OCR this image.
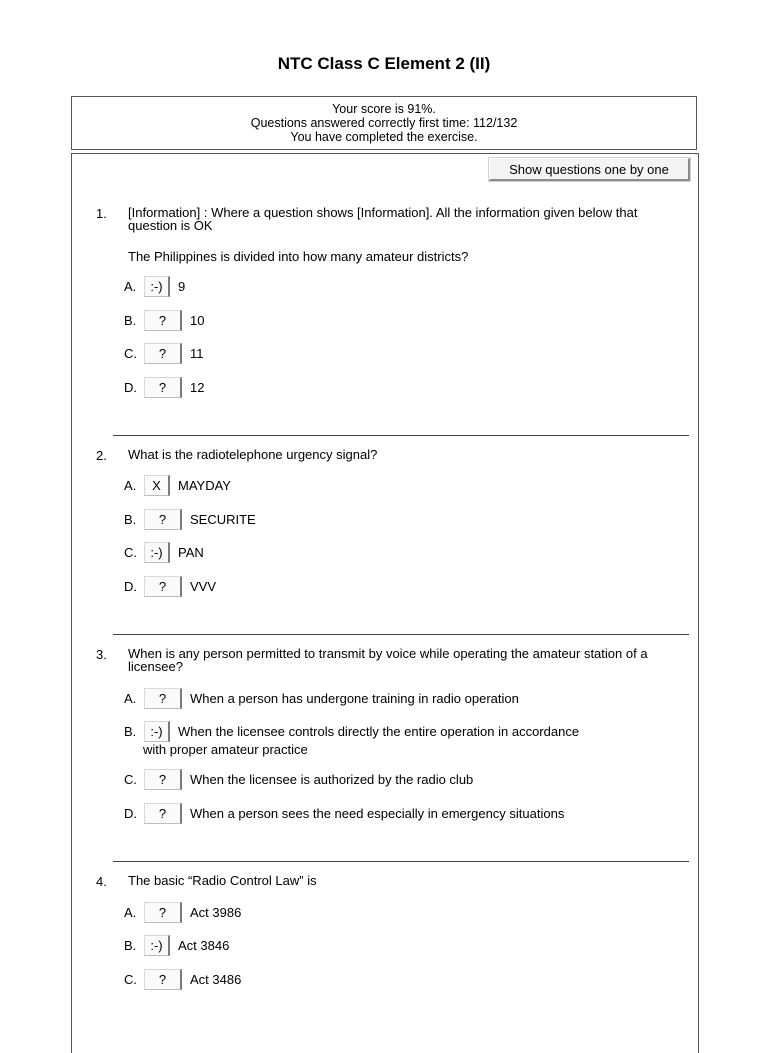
NTC Class C Element 2 (II)
Your score is 91%.
Questions answered correctly first time: 112/132
You have completed the exercise.
Show questions one by one
1. [Information] : Where a question shows [Information]. All the information given below that question is OK
The Philippines is divided into how many amateur districts?
A.	:-)	9
B.	?	10
C.	?	11
D.	?	12
2. What is the radiotelephone urgency signal?
A.	X	MAYDAY
B.	?	SECURITE
C.	:-)	PAN
D.	?	VVV
3. When is any person permitted to transmit by voice while operating the amateur station of a licensee?
A.	?	When a person has undergone training in radio operation
B.	:-)	When the licensee controls directly the entire operation in accordance
with proper amateur practice
C.	?	When the licensee is authorized by the radio club
D.	?	When a person sees the need especially in emergency situations
4. The basic “Radio Control Law” is
A.	?	Act 3986
B.	:-)	Act 3846
C.	?	Act 3486
